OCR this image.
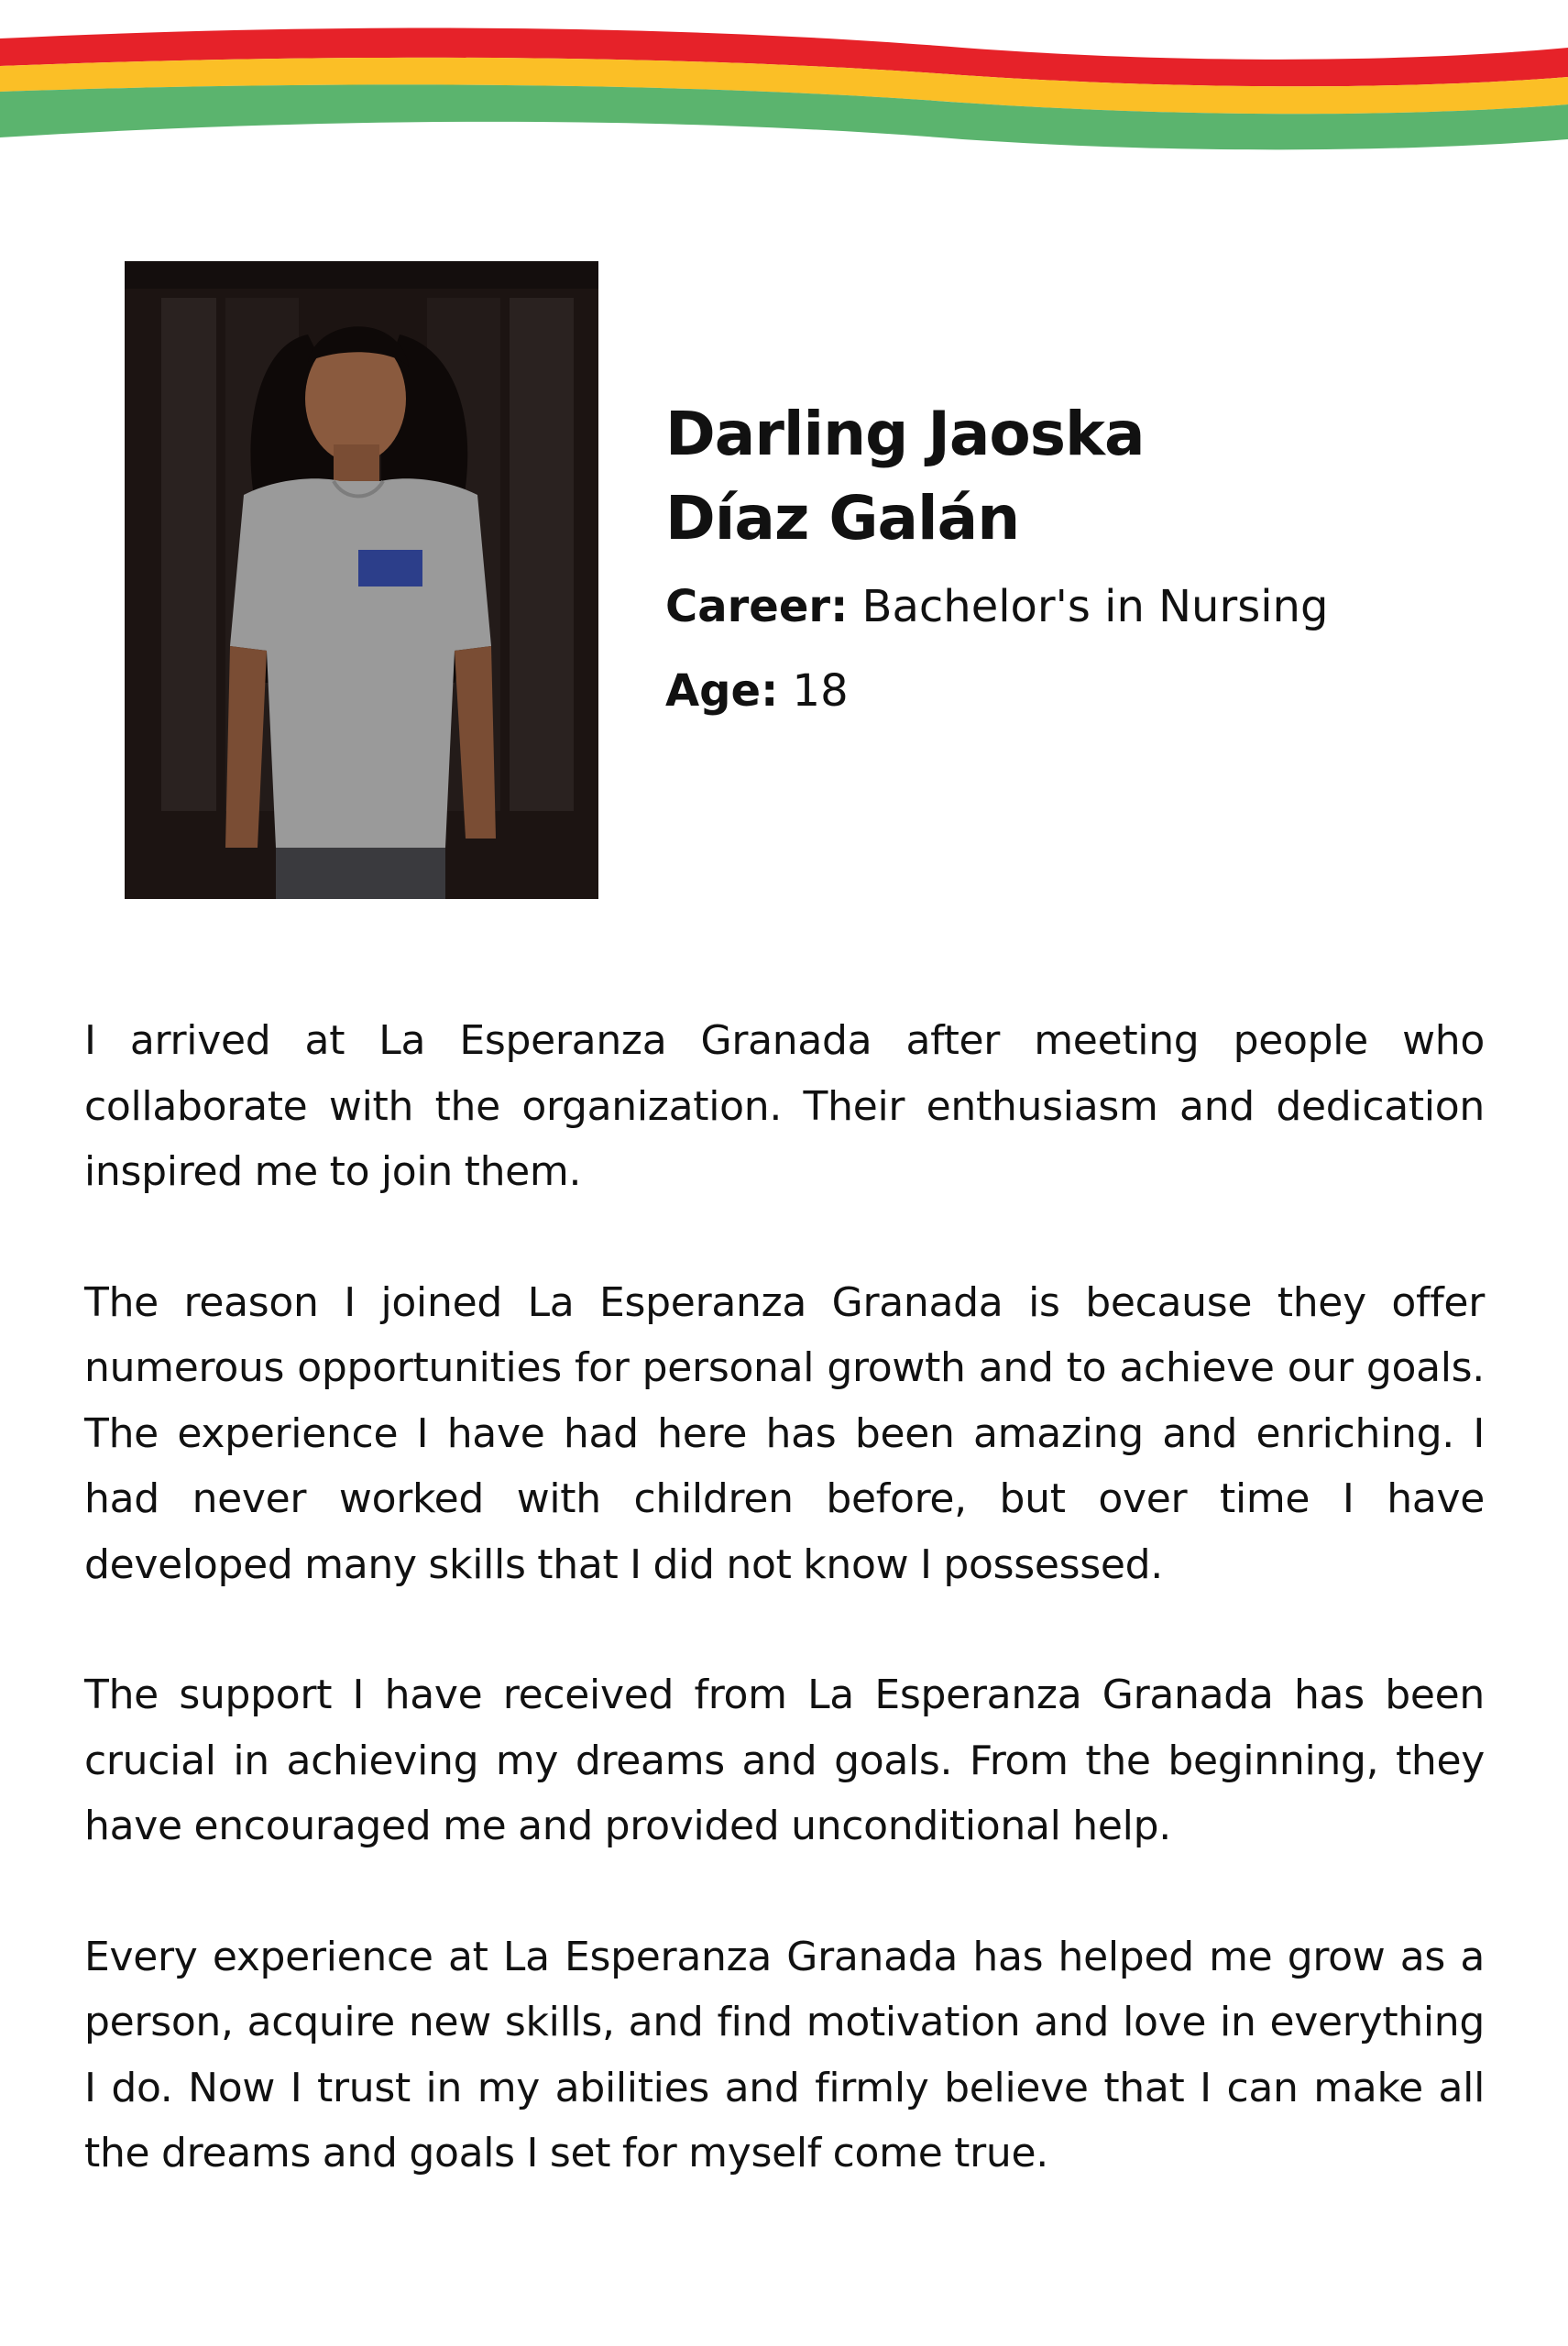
Darling Jaoska
Díaz Galán
Career: Bachelor's in Nursing
Age: 18

I arrived at La Esperanza Granada after meeting people who collaborate with the organization. Their enthusiasm and dedication inspired me to join them.

The reason I joined La Esperanza Granada is because they offer numerous opportunities for personal growth and to achieve our goals. The experience I have had here has been amazing and enriching. I had never worked with children before, but over time I have developed many skills that I did not know I possessed.

The support I have received from La Esperanza Granada has been crucial in achieving my dreams and goals. From the beginning, they have encouraged me and provided unconditional help.

Every experience at La Esperanza Granada has helped me grow as a person, acquire new skills, and find motivation and love in everything I do. Now I trust in my abilities and firmly believe that I can make all the dreams and goals I set for myself come true.
